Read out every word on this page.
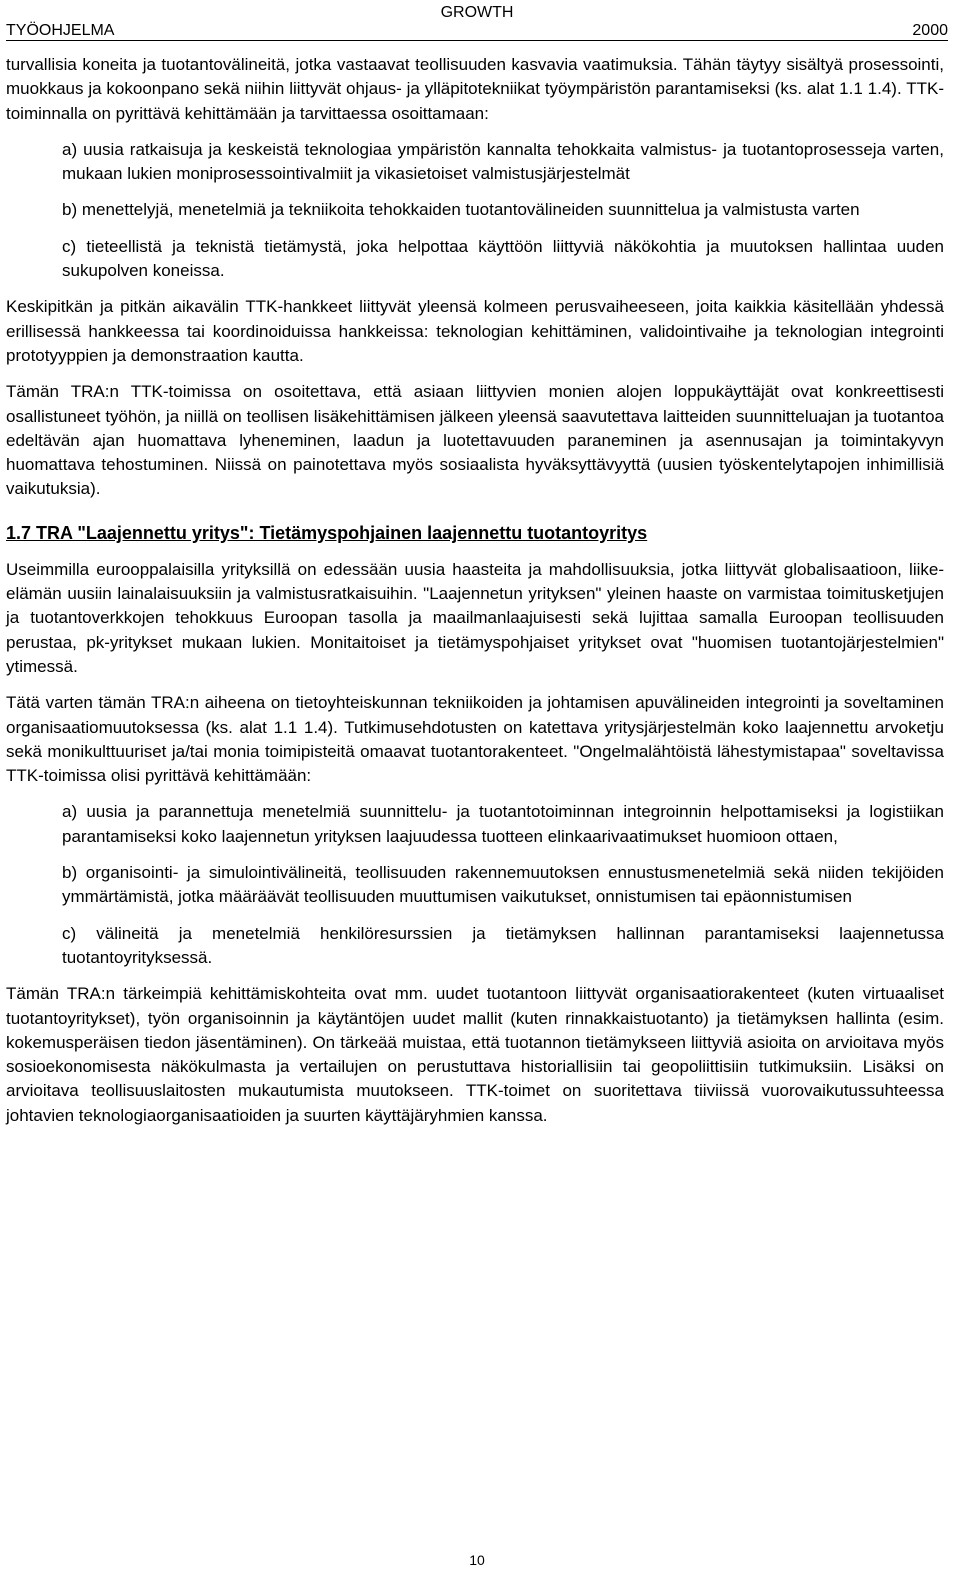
TYÖOHJELMA
GROWTH
2000

turvallisia koneita ja tuotantovälineitä, jotka vastaavat teollisuuden kasvavia vaatimuksia. Tähän täytyy sisältyä prosessointi, muokkaus ja kokoonpano sekä niihin liittyvät ohjaus- ja ylläpitotekniikat työympäristön parantamiseksi (ks. alat 1.1 1.4). TTK-toiminnalla on pyrittävä kehittämään ja tarvittaessa osoittamaan:

a) uusia ratkaisuja ja keskeistä teknologiaa ympäristön kannalta tehokkaita valmistus- ja tuotantoprosesseja varten, mukaan lukien moniprosessointivalmiit ja vikasietoiset valmistusjärjestelmät

b) menettelyjä, menetelmiä ja tekniikoita tehokkaiden tuotantovälineiden suunnittelua ja valmistusta varten

c) tieteellistä ja teknistä tietämystä, joka helpottaa käyttöön liittyviä näkökohtia ja muutoksen hallintaa uuden sukupolven koneissa.

Keskipitkän ja pitkän aikavälin TTK-hankkeet liittyvät yleensä kolmeen perusvaiheeseen, joita kaikkia käsitellään yhdessä erillisessä hankkeessa tai koordinoiduissa hankkeissa: teknologian kehittäminen, validointivaihe ja teknologian integrointi prototyyppien ja demonstraation kautta.

Tämän TRA:n TTK-toimissa on osoitettava, että asiaan liittyvien monien alojen loppukäyttäjät ovat konkreettisesti osallistuneet työhön, ja niillä on teollisen lisäkehittämisen jälkeen yleensä saavutettava laitteiden suunnitteluajan ja tuotantoa edeltävän ajan huomattava lyheneminen, laadun ja luotettavuuden paraneminen ja asennusajan ja toimintakyvyn huomattava tehostuminen. Niissä on painotettava myös sosiaalista hyväksyttävyyttä (uusien työskentelytapojen inhimillisiä vaikutuksia).

1.7 TRA "Laajennettu yritys": Tietämyspohjainen laajennettu tuotantoyritys

Useimmilla eurooppalaisilla yrityksillä on edessään uusia haasteita ja mahdollisuuksia, jotka liittyvät globalisaatioon, liike-elämän uusiin lainalaisuuksiin ja valmistusratkaisuihin. "Laajennetun yrityksen" yleinen haaste on varmistaa toimitusketjujen ja tuotantoverkkojen tehokkuus Euroopan tasolla ja maailmanlaajuisesti sekä lujittaa samalla Euroopan teollisuuden perustaa, pk-yritykset mukaan lukien. Monitaitoiset ja tietämyspohjaiset yritykset ovat "huomisen tuotantojärjestelmien" ytimessä.

Tätä varten tämän TRA:n aiheena on tietoyhteiskunnan tekniikoiden ja johtamisen apuvälineiden integrointi ja soveltaminen organisaatiomuutoksessa (ks. alat 1.1 1.4). Tutkimusehdotusten on katettava yritysjärjestelmän koko laajennettu arvoketju sekä monikulttuuriset ja/tai monia toimipisteitä omaavat tuotantorakenteet. "Ongelmalähtöistä lähestymistapaa" soveltavissa TTK-toimissa olisi pyrittävä kehittämään:

a) uusia ja parannettuja menetelmiä suunnittelu- ja tuotantotoiminnan integroinnin helpottamiseksi ja logistiikan parantamiseksi koko laajennetun yrityksen laajuudessa tuotteen elinkaarivaatimukset huomioon ottaen,

b) organisointi- ja simulointivälineitä, teollisuuden rakennemuutoksen ennustusmenetelmiä sekä niiden tekijöiden ymmärtämistä, jotka määräävät teollisuuden muuttumisen vaikutukset, onnistumisen tai epäonnistumisen

c) välineitä ja menetelmiä henkilöresurssien ja tietämyksen hallinnan parantamiseksi laajennetussa tuotantoyrityksessä.

Tämän TRA:n tärkeimpiä kehittämiskohteita ovat mm. uudet tuotantoon liittyvät organisaatiorakenteet (kuten virtuaaliset tuotantoyritykset), työn organisoinnin ja käytäntöjen uudet mallit (kuten rinnakkaistuotanto) ja tietämyksen hallinta (esim. kokemusperäisen tiedon jäsentäminen). On tärkeää muistaa, että tuotannon tietämykseen liittyviä asioita on arvioitava myös sosioekonomisesta näkökulmasta ja vertailujen on perustuttava historiallisiin tai geopoliittisiin tutkimuksiin. Lisäksi on arvioitava teollisuuslaitosten mukautumista muutokseen. TTK-toimet on suoritettava tiiviissä vuorovaikutussuhteessa johtavien teknologiaorganisaatioiden ja suurten käyttäjäryhmien kanssa.

10
